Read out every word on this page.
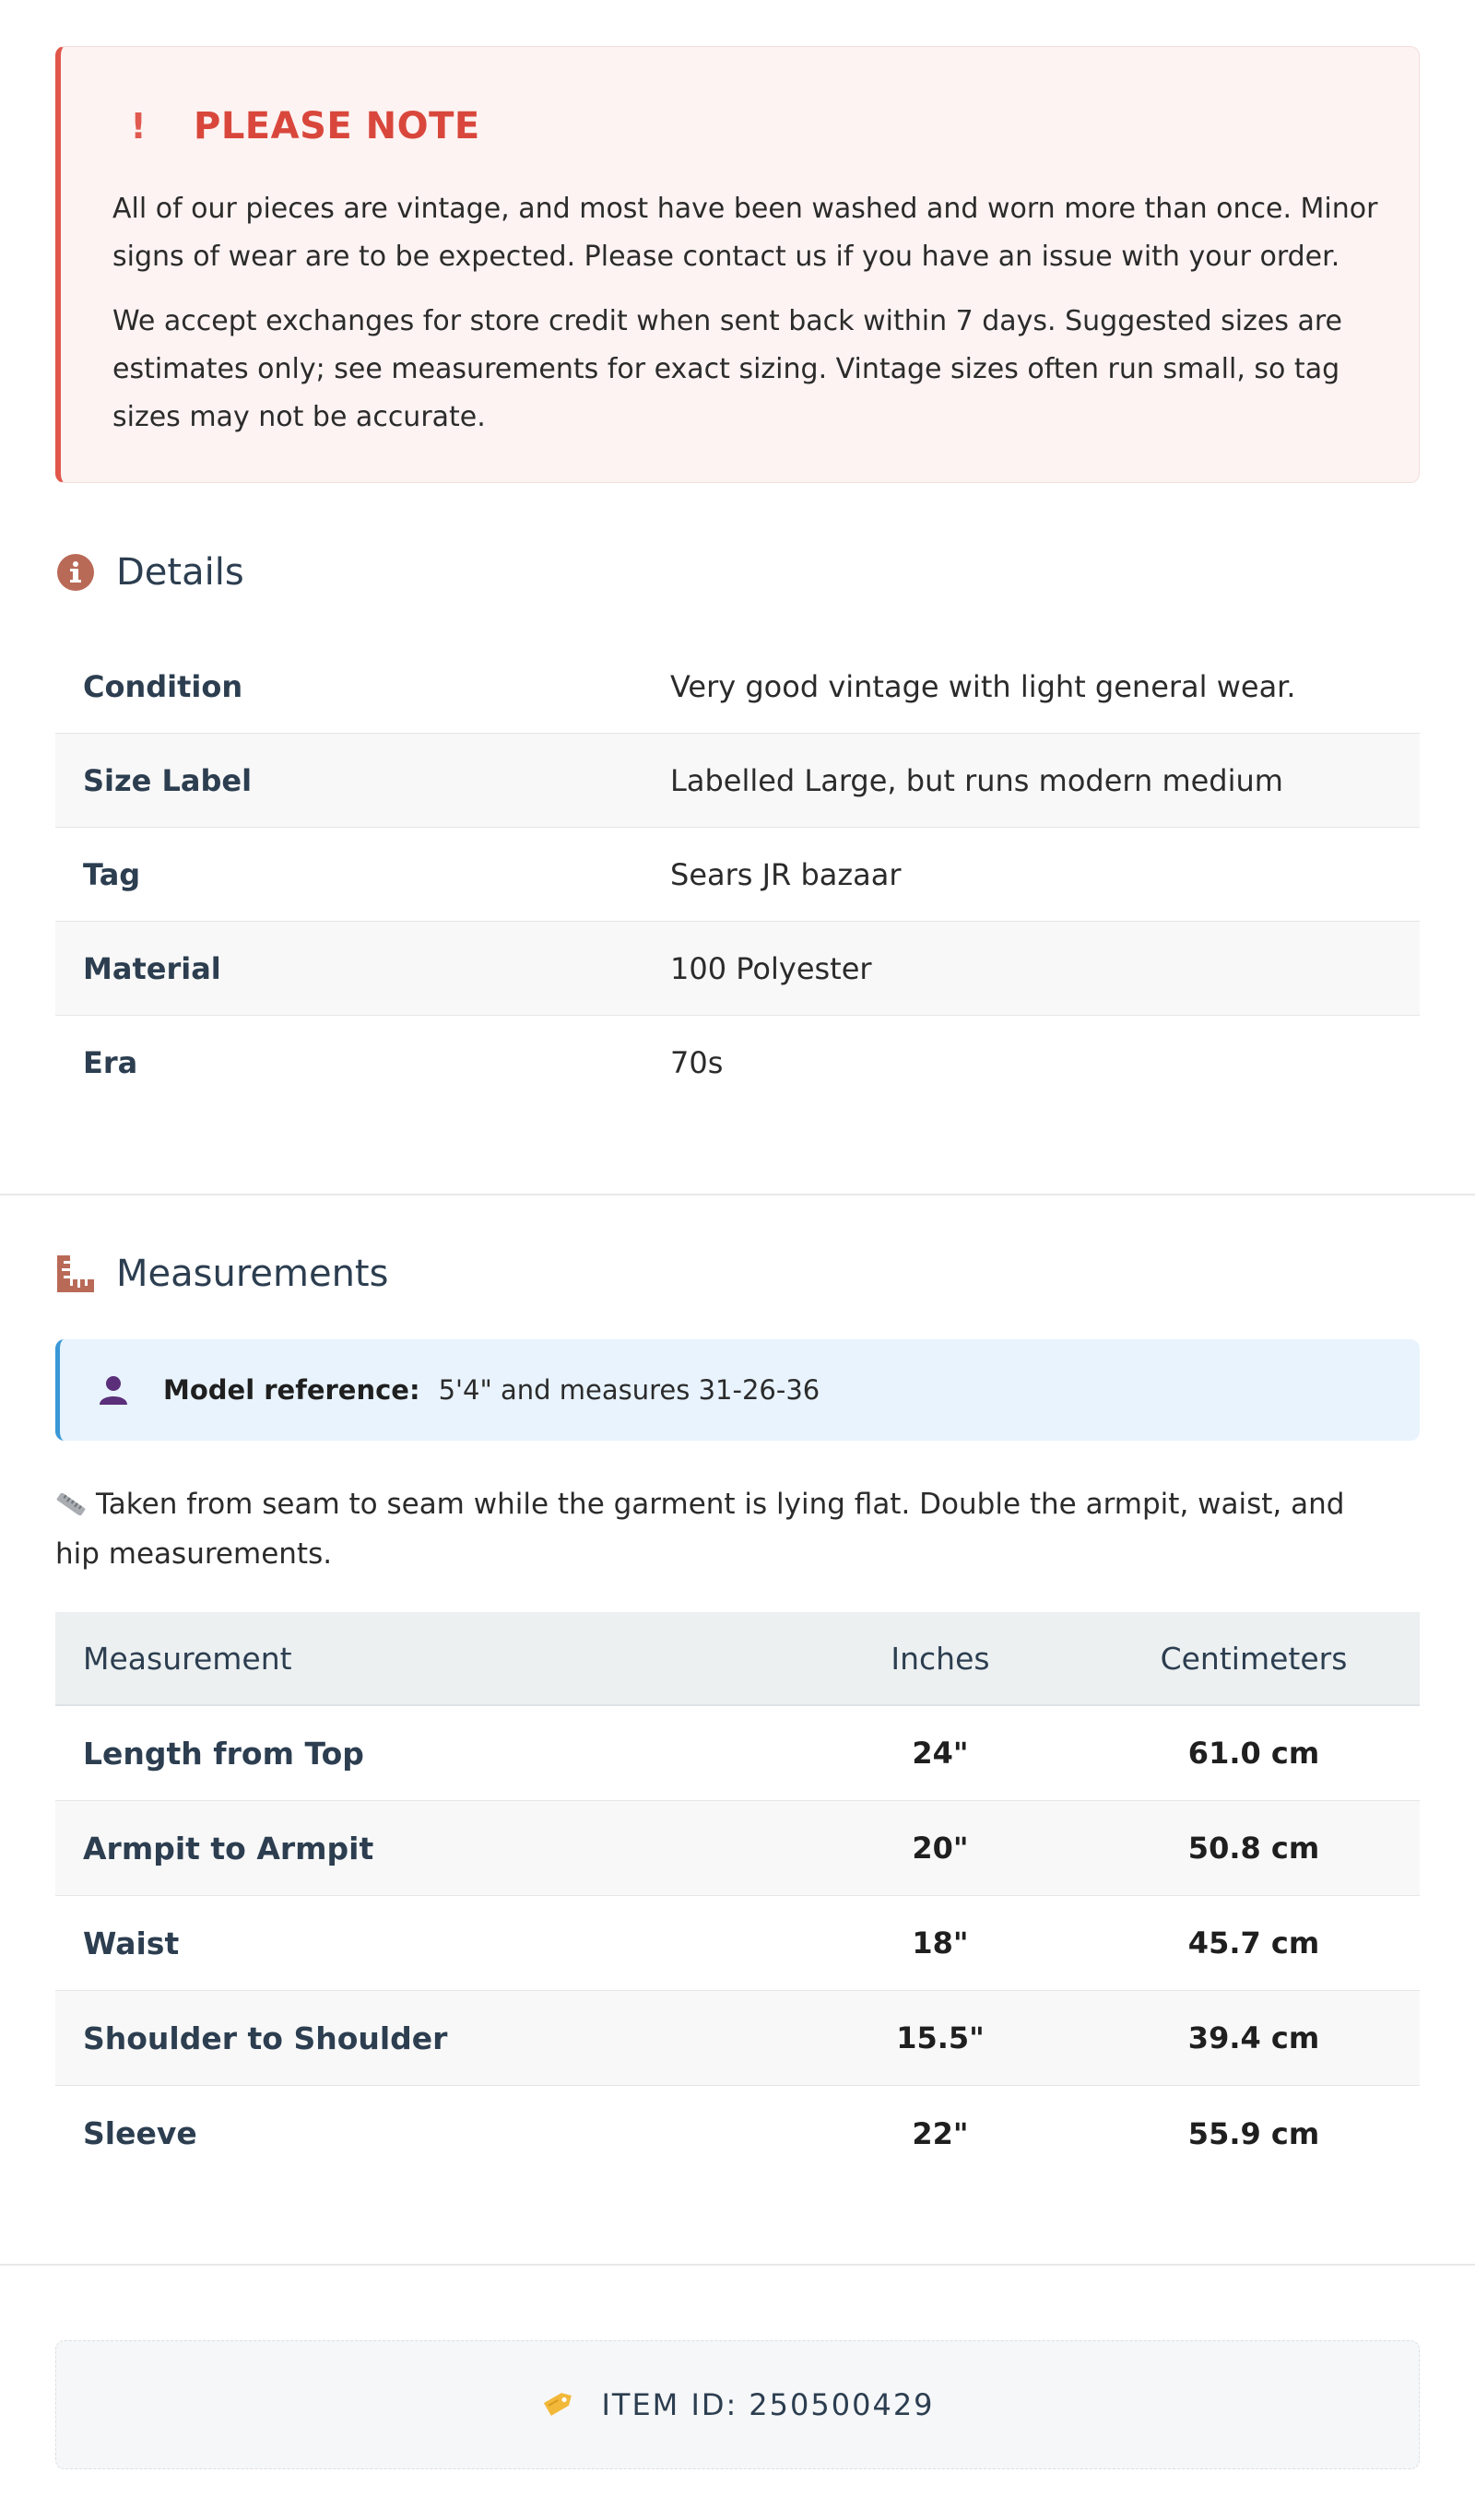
! PLEASE NOTE

All of our pieces are vintage, and most have been washed and worn more than once. Minor signs of wear are to be expected. Please contact us if you have an issue with your order.

We accept exchanges for store credit when sent back within 7 days. Suggested sizes are estimates only; see measurements for exact sizing. Vintage sizes often run small, so tag sizes may not be accurate.

Details
Condition	Very good vintage with light general wear.
Size Label	Labelled Large, but runs modern medium
Tag	Sears JR bazaar
Material	100 Polyester
Era	70s
Measurements
Model reference: 5'4" and measures 31-26-36

Taken from seam to seam while the garment is lying flat. Double the armpit, waist, and hip measurements.

Measurement	Inches	Centimeters
Length from Top	24"	61.0 cm
Armpit to Armpit	20"	50.8 cm
Waist	18"	45.7 cm
Shoulder to Shoulder	15.5"	39.4 cm
Sleeve	22"	55.9 cm
ITEM ID: 250500429
